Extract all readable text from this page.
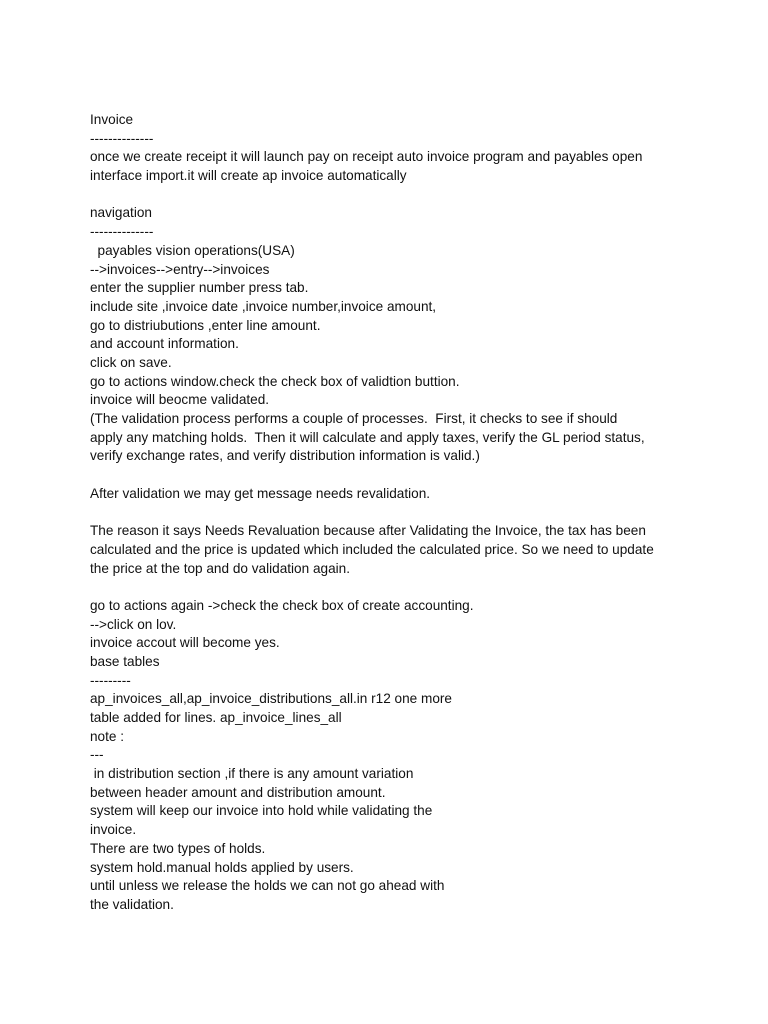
Invoice
--------------
once we create receipt it will launch pay on receipt auto invoice program and payables open
interface import.it will create ap invoice automatically
navigation
--------------
payables vision operations(USA)
-->invoices-->entry-->invoices
enter the supplier number press tab.
include site ,invoice date ,invoice number,invoice amount,
go to distriubutions ,enter line amount.
and account information.
click on save.
go to actions window.check the check box of validtion buttion.
invoice will beocme validated.
(The validation process performs a couple of processes.  First, it checks to see if should
apply any matching holds.  Then it will calculate and apply taxes, verify the GL period status,
verify exchange rates, and verify distribution information is valid.)
After validation we may get message needs revalidation.
The reason it says Needs Revaluation because after Validating the Invoice, the tax has been
calculated and the price is updated which included the calculated price. So we need to update
the price at the top and do validation again.
go to actions again ->check the check box of create accounting.
-->click on lov.
invoice accout will become yes.
base tables
---------
ap_invoices_all,ap_invoice_distributions_all.in r12 one more
table added for lines. ap_invoice_lines_all
note :
---
in distribution section ,if there is any amount variation
between header amount and distribution amount.
system will keep our invoice into hold while validating the
invoice.
There are two types of holds.
system hold.manual holds applied by users.
until unless we release the holds we can not go ahead with
the validation.
